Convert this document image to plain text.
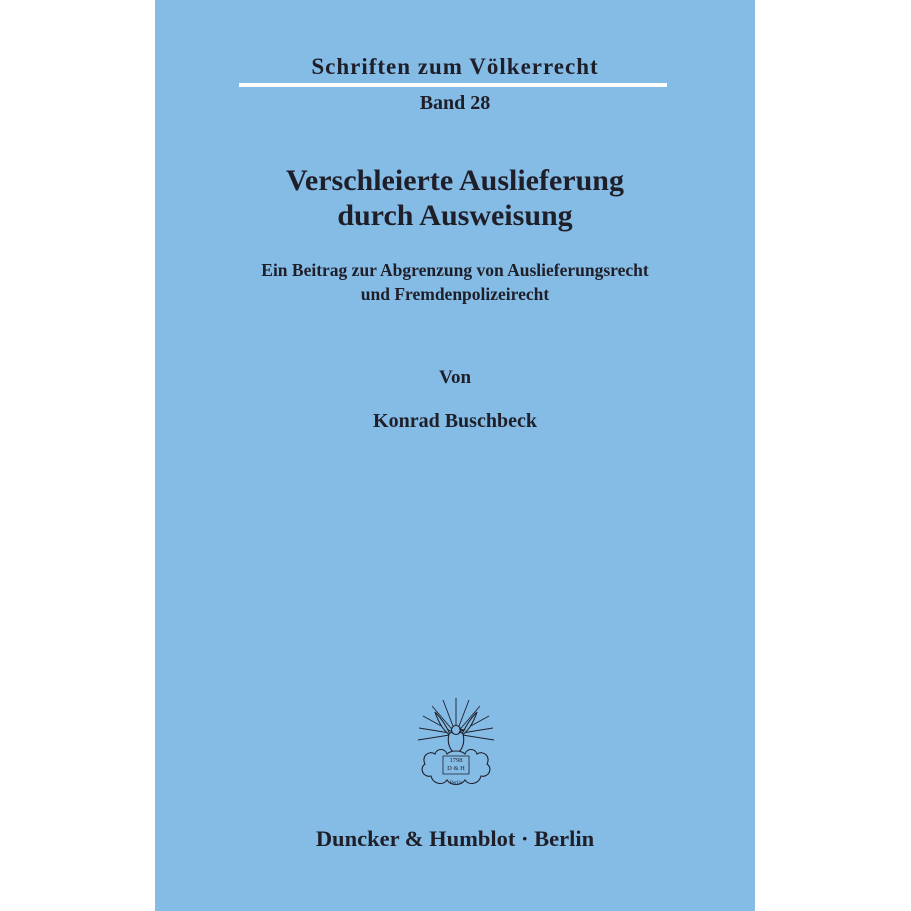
Schriften zum Völkerrecht
Band 28
Verschleierte Auslieferung
durch Ausweisung
Ein Beitrag zur Abgrenzung von Auslieferungsrecht
und Fremdenpolizeirecht
Von
Konrad Buschbeck
1798
D & H
Berlin
Duncker & Humblot · Berlin
